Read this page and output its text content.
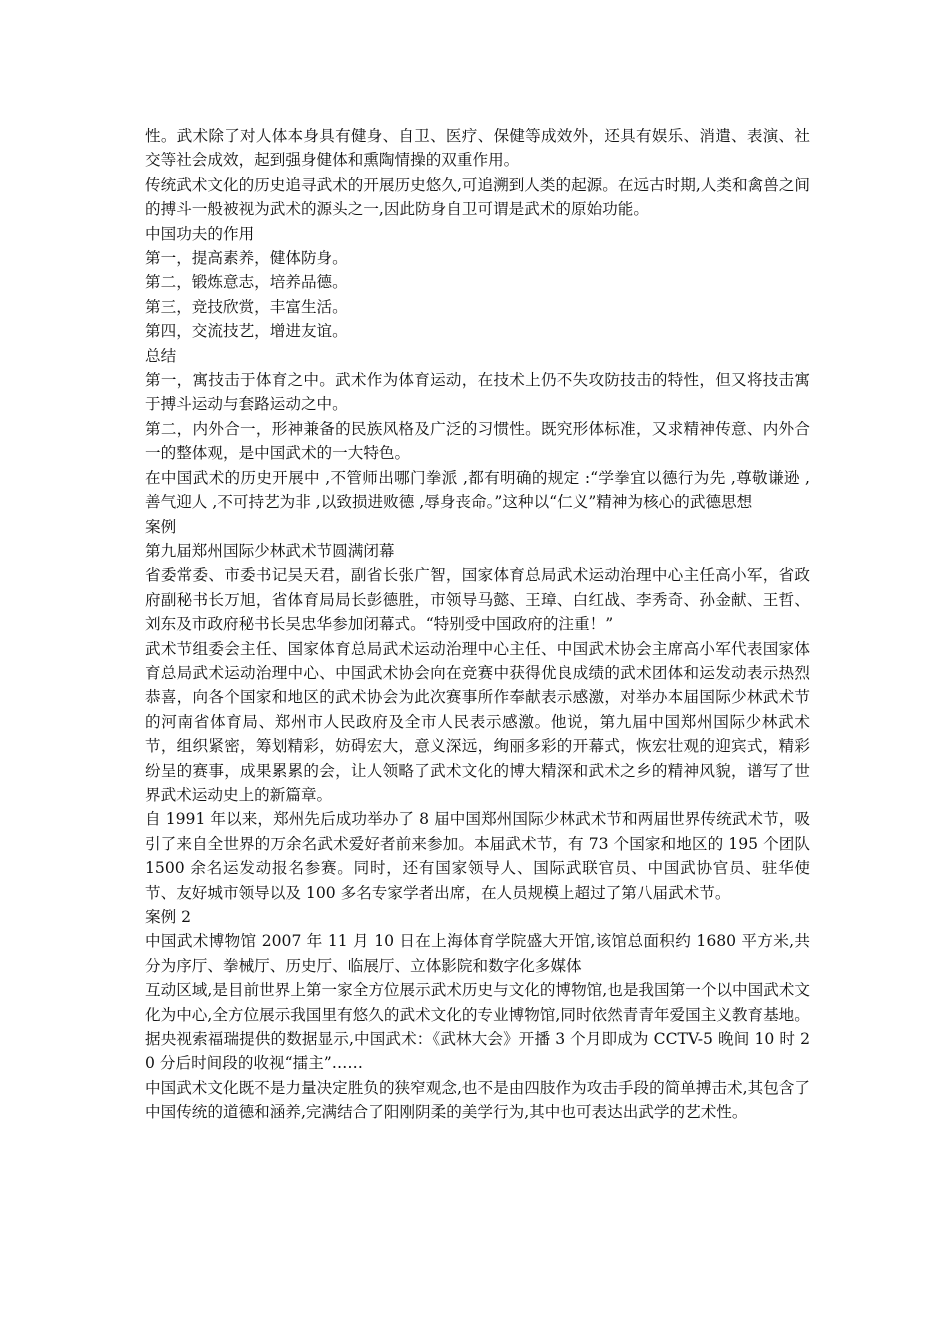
性。武术除了对人体本身具有健身、自卫、医疗、保健等成效外，还具有娱乐、消遣、表演、社交等社会成效，起到强身健体和熏陶情操的双重作用。

传统武术文化的历史追寻武术的开展历史悠久,可追溯到人类的起源。在远古时期,人类和禽兽之间的搏斗一般被视为武术的源头之一,因此防身自卫可谓是武术的原始功能。

中国功夫的作用

第一，提高素养，健体防身。

第二，锻炼意志，培养品德。

第三，竞技欣赏，丰富生活。

第四，交流技艺，增进友谊。

总结

第一，寓技击于体育之中。武术作为体育运动，在技术上仍不失攻防技击的特性，但又将技击寓于搏斗运动与套路运动之中。

第二，内外合一，形神兼备的民族风格及广泛的习惯性。既究形体标准，又求精神传意、内外合一的整体观，是中国武术的一大特色。

在中国武术的历史开展中 ,不管师出哪门拳派 ,都有明确的规定 :“学拳宜以德行为先 ,尊敬谦逊 ,善气迎人 ,不可持艺为非 ,以致损进败德 ,辱身丧命。”这种以“仁义”精神为核心的武德思想

案例

第九届郑州国际少林武术节圆满闭幕

省委常委、市委书记吴天君，副省长张广智，国家体育总局武术运动治理中心主任高小军，省政府副秘书长万旭，省体育局局长彭德胜，市领导马懿、王璋、白红战、李秀奇、孙金献、王哲、刘东及市政府秘书长吴忠华参加闭幕式。“特别受中国政府的注重！”

武术节组委会主任、国家体育总局武术运动治理中心主任、中国武术协会主席高小军代表国家体育总局武术运动治理中心、中国武术协会向在竞赛中获得优良成绩的武术团体和运发动表示热烈恭喜，向各个国家和地区的武术协会为此次赛事所作奉献表示感激，对举办本届国际少林武术节的河南省体育局、郑州市人民政府及全市人民表示感激。他说，第九届中国郑州国际少林武术节，组织紧密，筹划精彩，妨碍宏大，意义深远，绚丽多彩的开幕式，恢宏壮观的迎宾式，精彩纷呈的赛事，成果累累的会，让人领略了武术文化的博大精深和武术之乡的精神风貌，谱写了世界武术运动史上的新篇章。

自 1991 年以来，郑州先后成功举办了 8 届中国郑州国际少林武术节和两届世界传统武术节，吸引了来自全世界的万余名武术爱好者前来参加。本届武术节，有 73 个国家和地区的 195 个团队 1500 余名运发动报名参赛。同时，还有国家领导人、国际武联官员、中国武协官员、驻华使节、友好城市领导以及 100 多名专家学者出席，在人员规模上超过了第八届武术节。

案例 2

中国武术博物馆 2007 年 11 月 10 日在上海体育学院盛大开馆,该馆总面积约 1680 平方米,共分为序厅、拳械厅、历史厅、临展厅、立体影院和数字化多媒体

互动区域,是目前世界上第一家全方位展示武术历史与文化的博物馆,也是我国第一个以中国武术文化为中心,全方位展示我国里有悠久的武术文化的专业博物馆,同时依然青青年爱国主义教育基地。

据央视索福瑞提供的数据显示,中国武术：《武林大会》开播 3 个月即成为 CCTV-5 晚间 10 时 20 分后时间段的收视“擂主”……

中国武术文化既不是力量决定胜负的狭窄观念,也不是由四肢作为攻击手段的简单搏击术,其包含了中国传统的道德和涵养,完满结合了阳刚阴柔的美学行为,其中也可表达出武学的艺术性。
